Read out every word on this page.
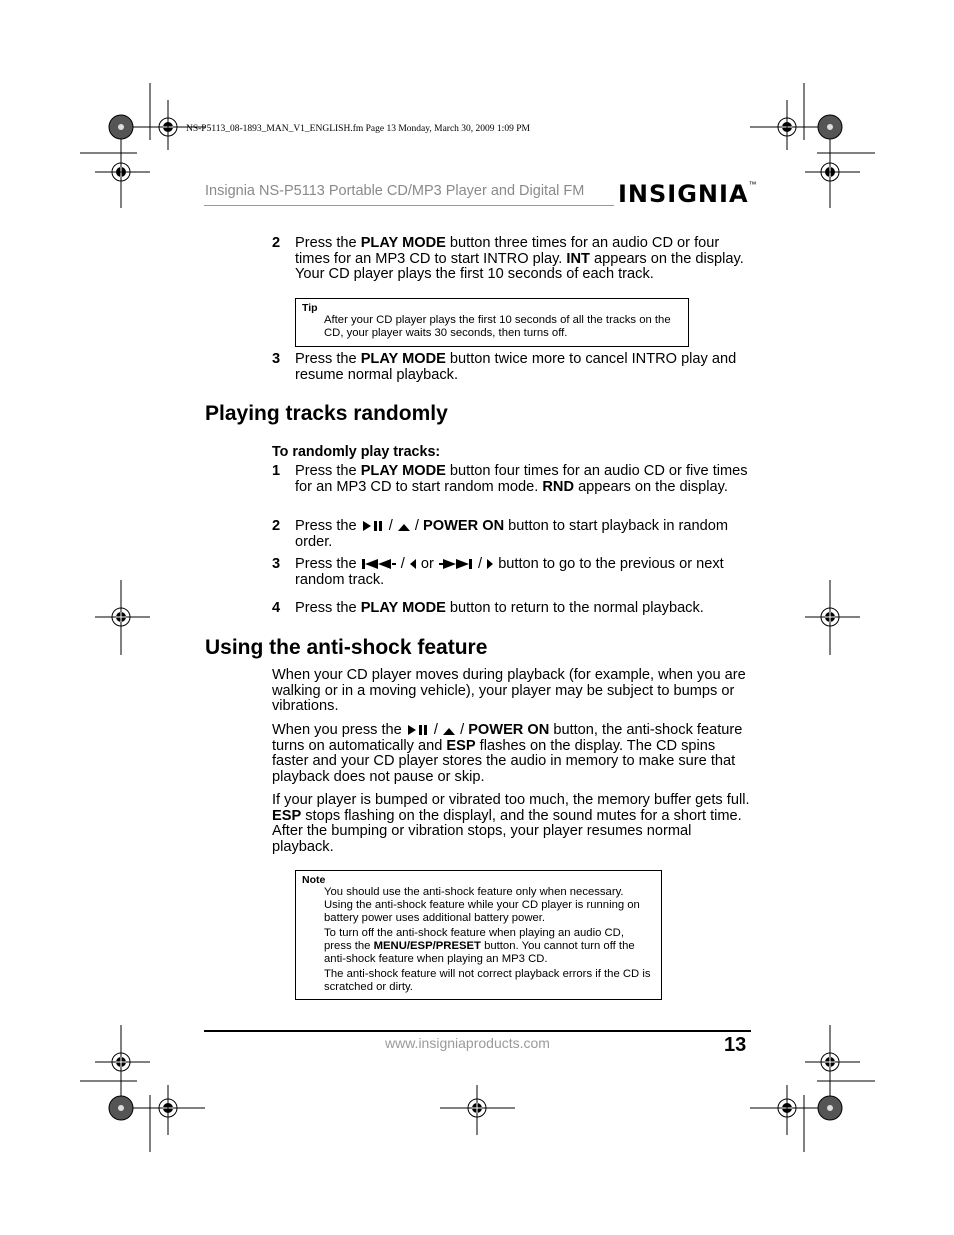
NS-P5113_08-1893_MAN_V1_ENGLISH.fm Page 13 Monday, March 30, 2009 1:09 PM
Insignia NS-P5113 Portable CD/MP3 Player and Digital FM INSIGNIA™
2 Press the PLAY MODE button three times for an audio CD or four times for an MP3 CD to start INTRO play. INT appears on the display. Your CD player plays the first 10 seconds of each track.
Tip
After your CD player plays the first 10 seconds of all the tracks on the CD, your player waits 30 seconds, then turns off.
3 Press the PLAY MODE button twice more to cancel INTRO play and resume normal playback.
Playing tracks randomly
To randomly play tracks:
1 Press the PLAY MODE button four times for an audio CD or five times for an MP3 CD to start random mode. RND appears on the display.
2 Press the  /  / POWER ON button to start playback in random order.
3 Press the  /  or  /  button to go to the previous or next random track.
4 Press the PLAY MODE button to return to the normal playback.
Using the anti-shock feature
When your CD player moves during playback (for example, when you are walking or in a moving vehicle), your player may be subject to bumps or vibrations.
When you press the  /  / POWER ON button, the anti-shock feature turns on automatically and ESP flashes on the display. The CD spins faster and your CD player stores the audio in memory to make sure that playback does not pause or skip.
If your player is bumped or vibrated too much, the memory buffer gets full. ESP stops flashing on the displayl, and the sound mutes for a short time. After the bumping or vibration stops, your player resumes normal playback.
Note

You should use the anti-shock feature only when necessary. Using the anti-shock feature while your CD player is running on battery power uses additional battery power.

To turn off the anti-shock feature when playing an audio CD, press the MENU/ESP/PRESET button. You cannot turn off the anti-shock feature when playing an MP3 CD.

The anti-shock feature will not correct playback errors if the CD is scratched or dirty.

www.insigniaproducts.com	13
